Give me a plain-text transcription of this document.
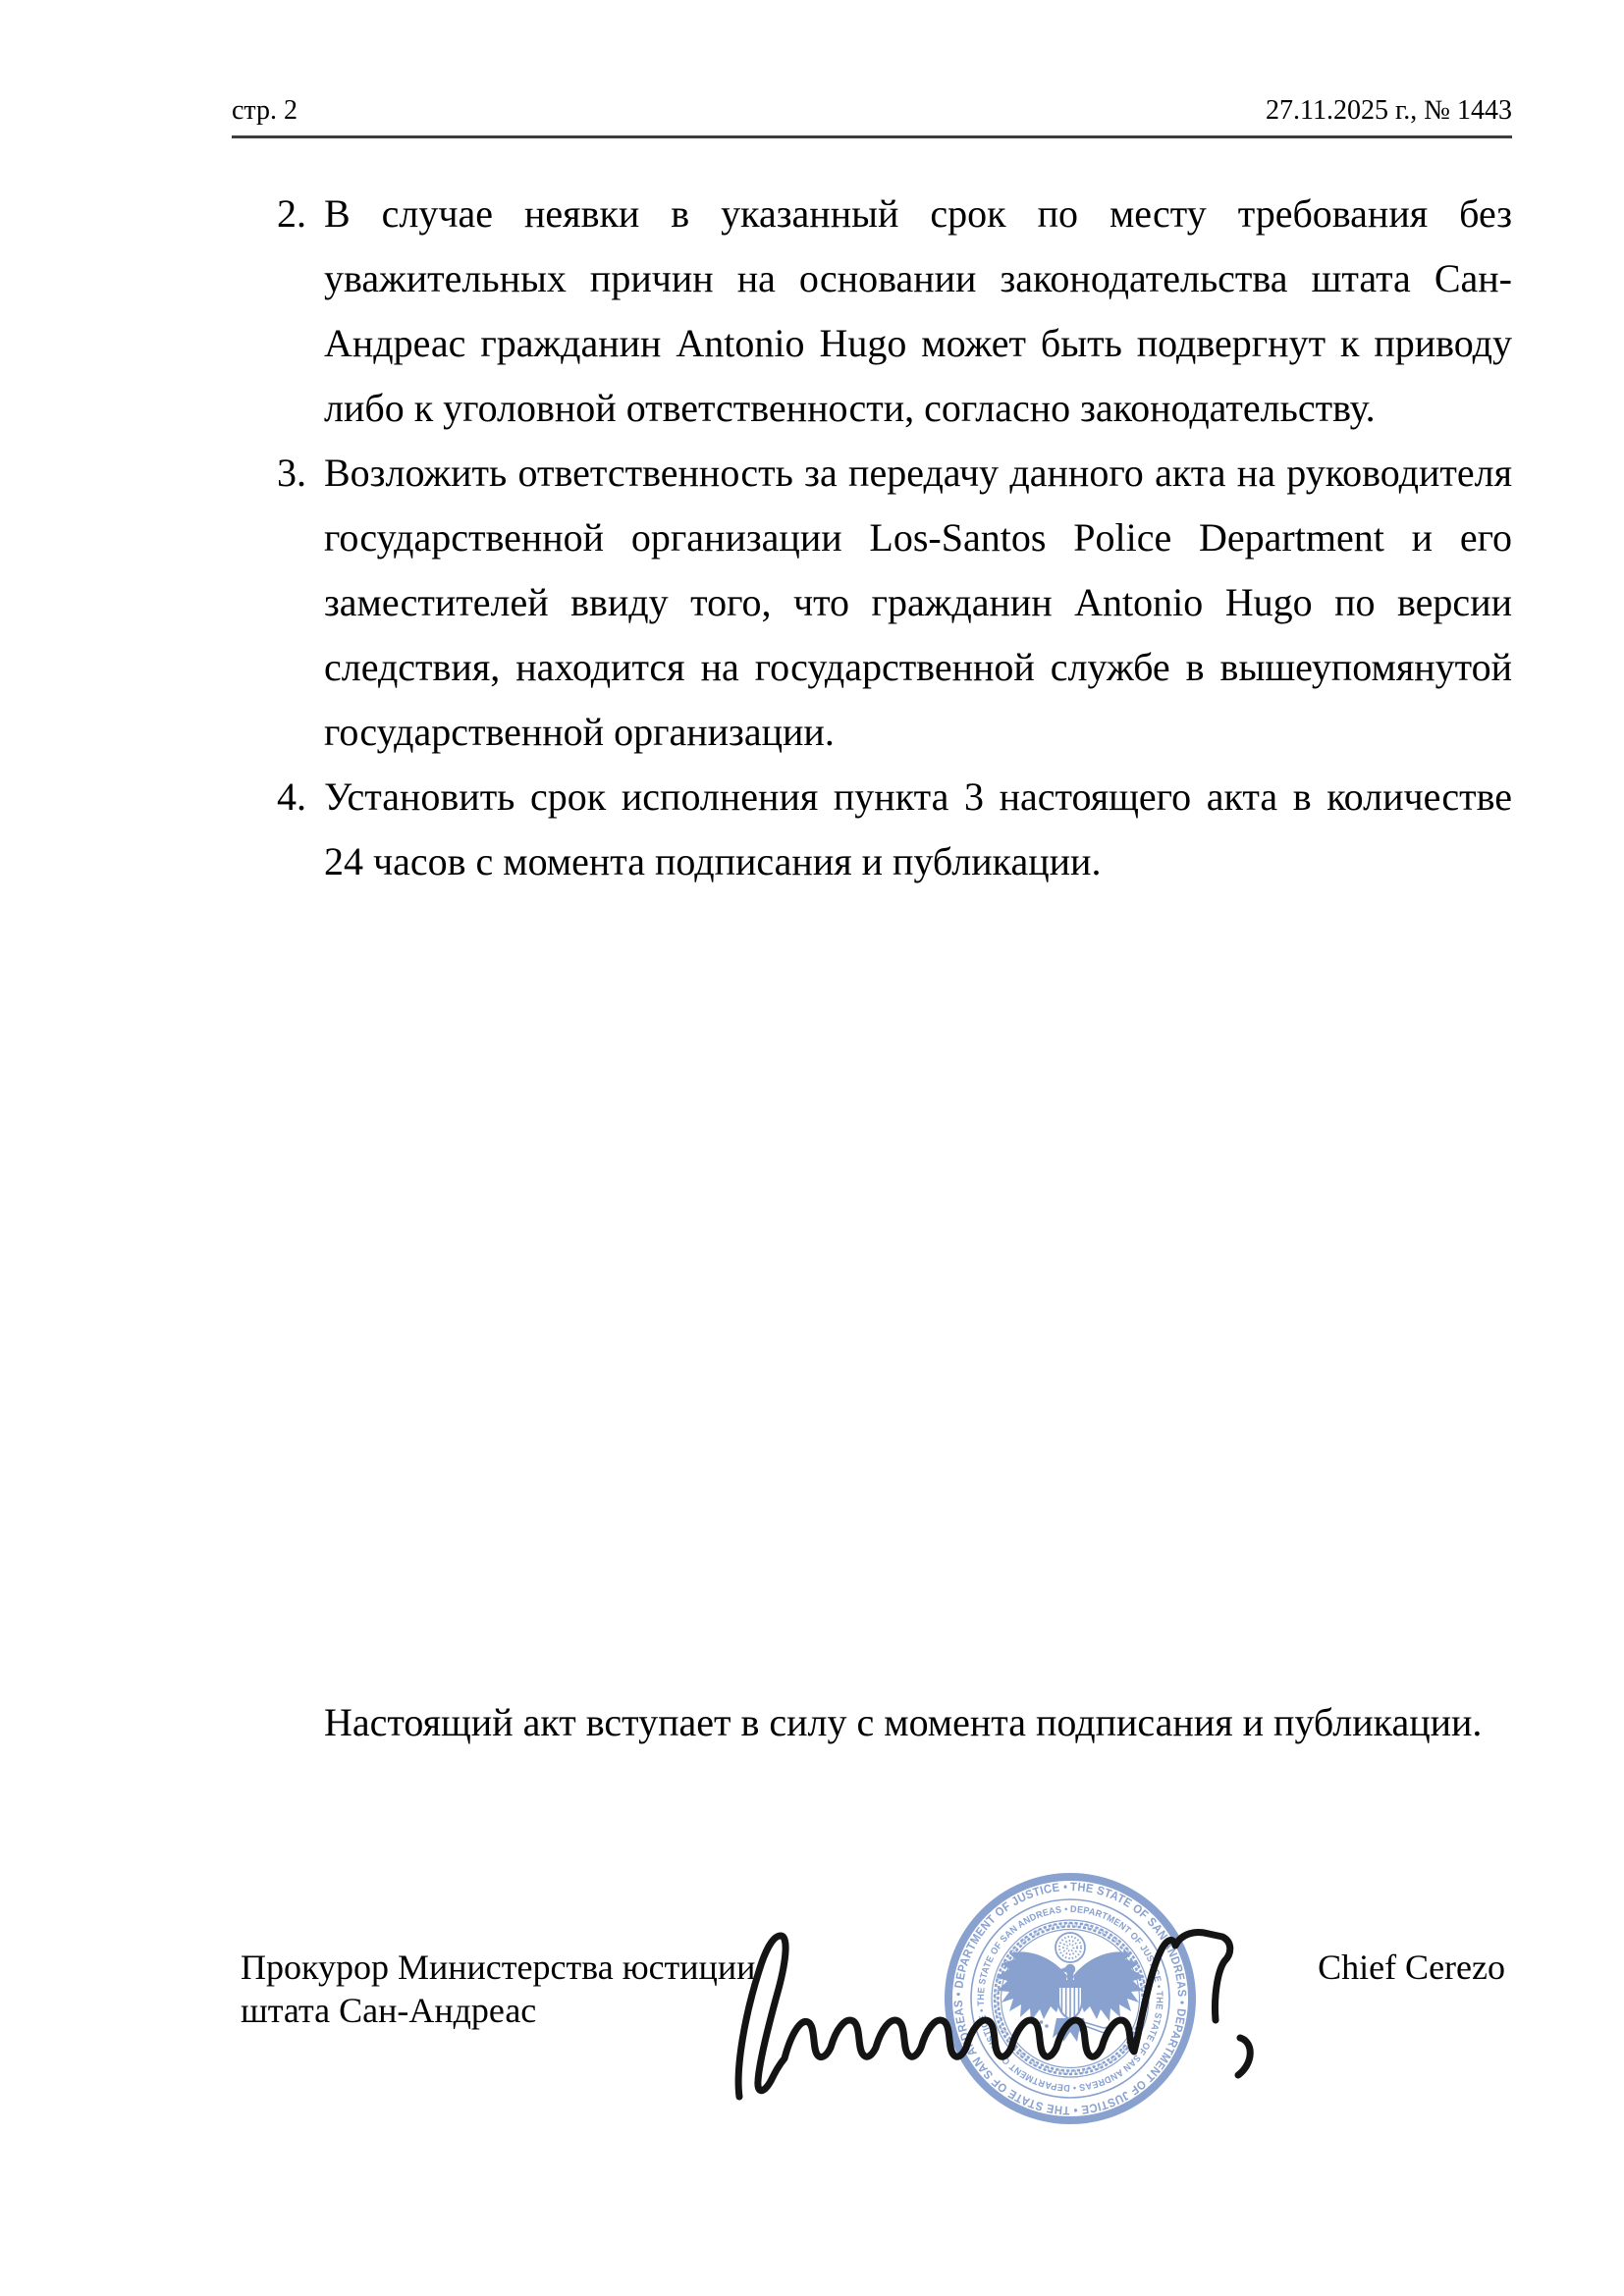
стр. 2	27.11.2025 г., № 1443
2. В случае неявки в указанный срок по месту требования без уважительных причин на основании законодательства штата Сан-Андреас гражданин Antonio Hugo может быть подвергнут к приводу либо к уголовной ответственности, согласно законодательству.
3. Возложить ответственность за передачу данного акта на руководителя государственной организации Los-Santos Police Department и его заместителей ввиду того, что гражданин Antonio Hugo по версии следствия, находится на государственной службе в вышеупомянутой государственной организации.
4. Установить срок исполнения пункта 3 настоящего акта в количестве 24 часов с момента подписания и публикации.
Настоящий акт вступает в силу с момента подписания и публикации.
Прокурор Министерства юстиции
штата Сан-Андреас
Chief Cerezo
THE STATE OF SAN ANDREAS • DEPARTMENT OF JUSTICE • THE STATE OF SAN ANDREAS • DEPARTMENT OF JUSTICE •
DEPARTMENT OF JUSTICE • THE STATE OF SAN ANDREAS • DEPARTMENT OF JUSTICE • THE STATE OF SAN ANDREAS •
